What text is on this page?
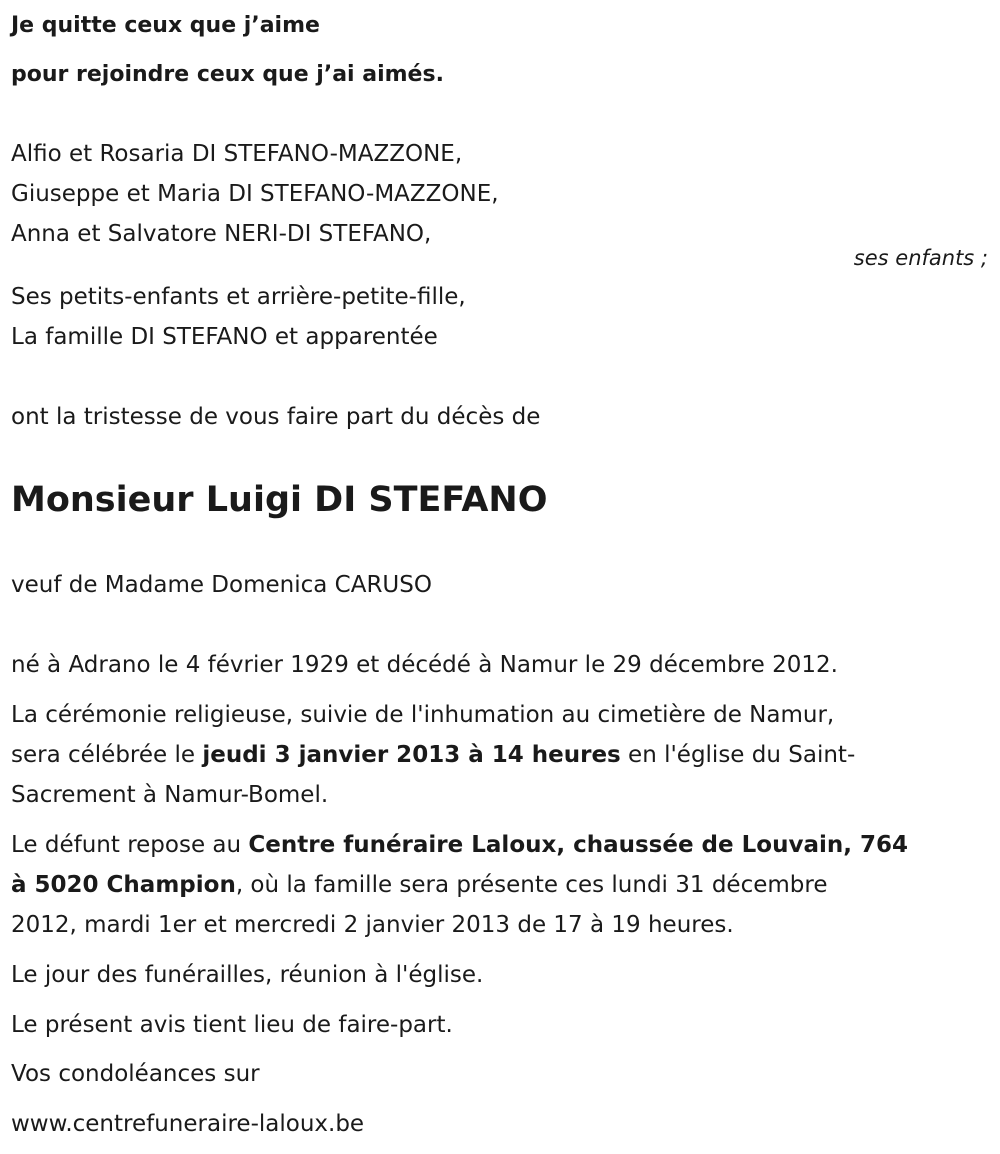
Je quitte ceux que j’aime

pour rejoindre ceux que j’ai aimés.

Alfio et Rosaria DI STEFANO-MAZZONE,

Giuseppe et Maria DI STEFANO-MAZZONE,

Anna et Salvatore NERI-DI STEFANO,

ses enfants ;

Ses petits-enfants et arrière-petite-fille,

La famille DI STEFANO et apparentée

ont la tristesse de vous faire part du décès de

Monsieur Luigi DI STEFANO

veuf de Madame Domenica CARUSO

né à Adrano le 4 février 1929 et décédé à Namur le 29 décembre 2012.

La cérémonie religieuse, suivie de l'inhumation au cimetière de Namur,

sera célébrée le jeudi 3 janvier 2013 à 14 heures en l'église du Saint-

Sacrement à Namur-Bomel.

Le défunt repose au Centre funéraire Laloux, chaussée de Louvain, 764

à 5020 Champion, où la famille sera présente ces lundi 31 décembre

2012, mardi 1er et mercredi 2 janvier 2013 de 17 à 19 heures.

Le jour des funérailles, réunion à l'église.

Le présent avis tient lieu de faire-part.

Vos condoléances sur

www.centrefuneraire-laloux.be
